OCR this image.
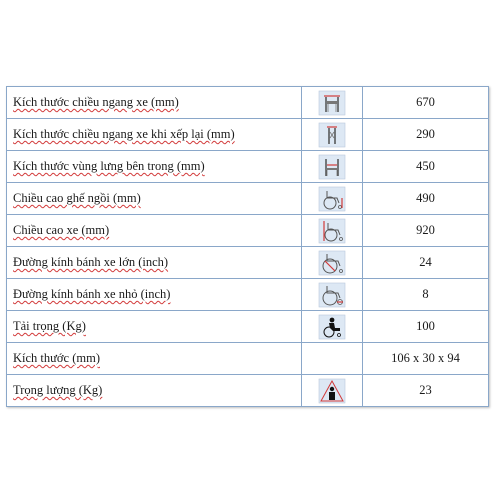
Kích thước chiều ngang xe (mm)		670
Kích thước chiều ngang xe khi xếp lại (mm)		290
Kích thước vùng lưng bên trong (mm)		450
Chiều cao ghế ngồi (mm)		490
Chiều cao xe (mm)		920
Đường kính bánh xe lớn (inch)		24
Đường kính bánh xe nhỏ (inch)		8
Tải trọng (Kg)		100
Kích thước (mm)		106 x 30 x 94
Trọng lượng (Kg)		23
